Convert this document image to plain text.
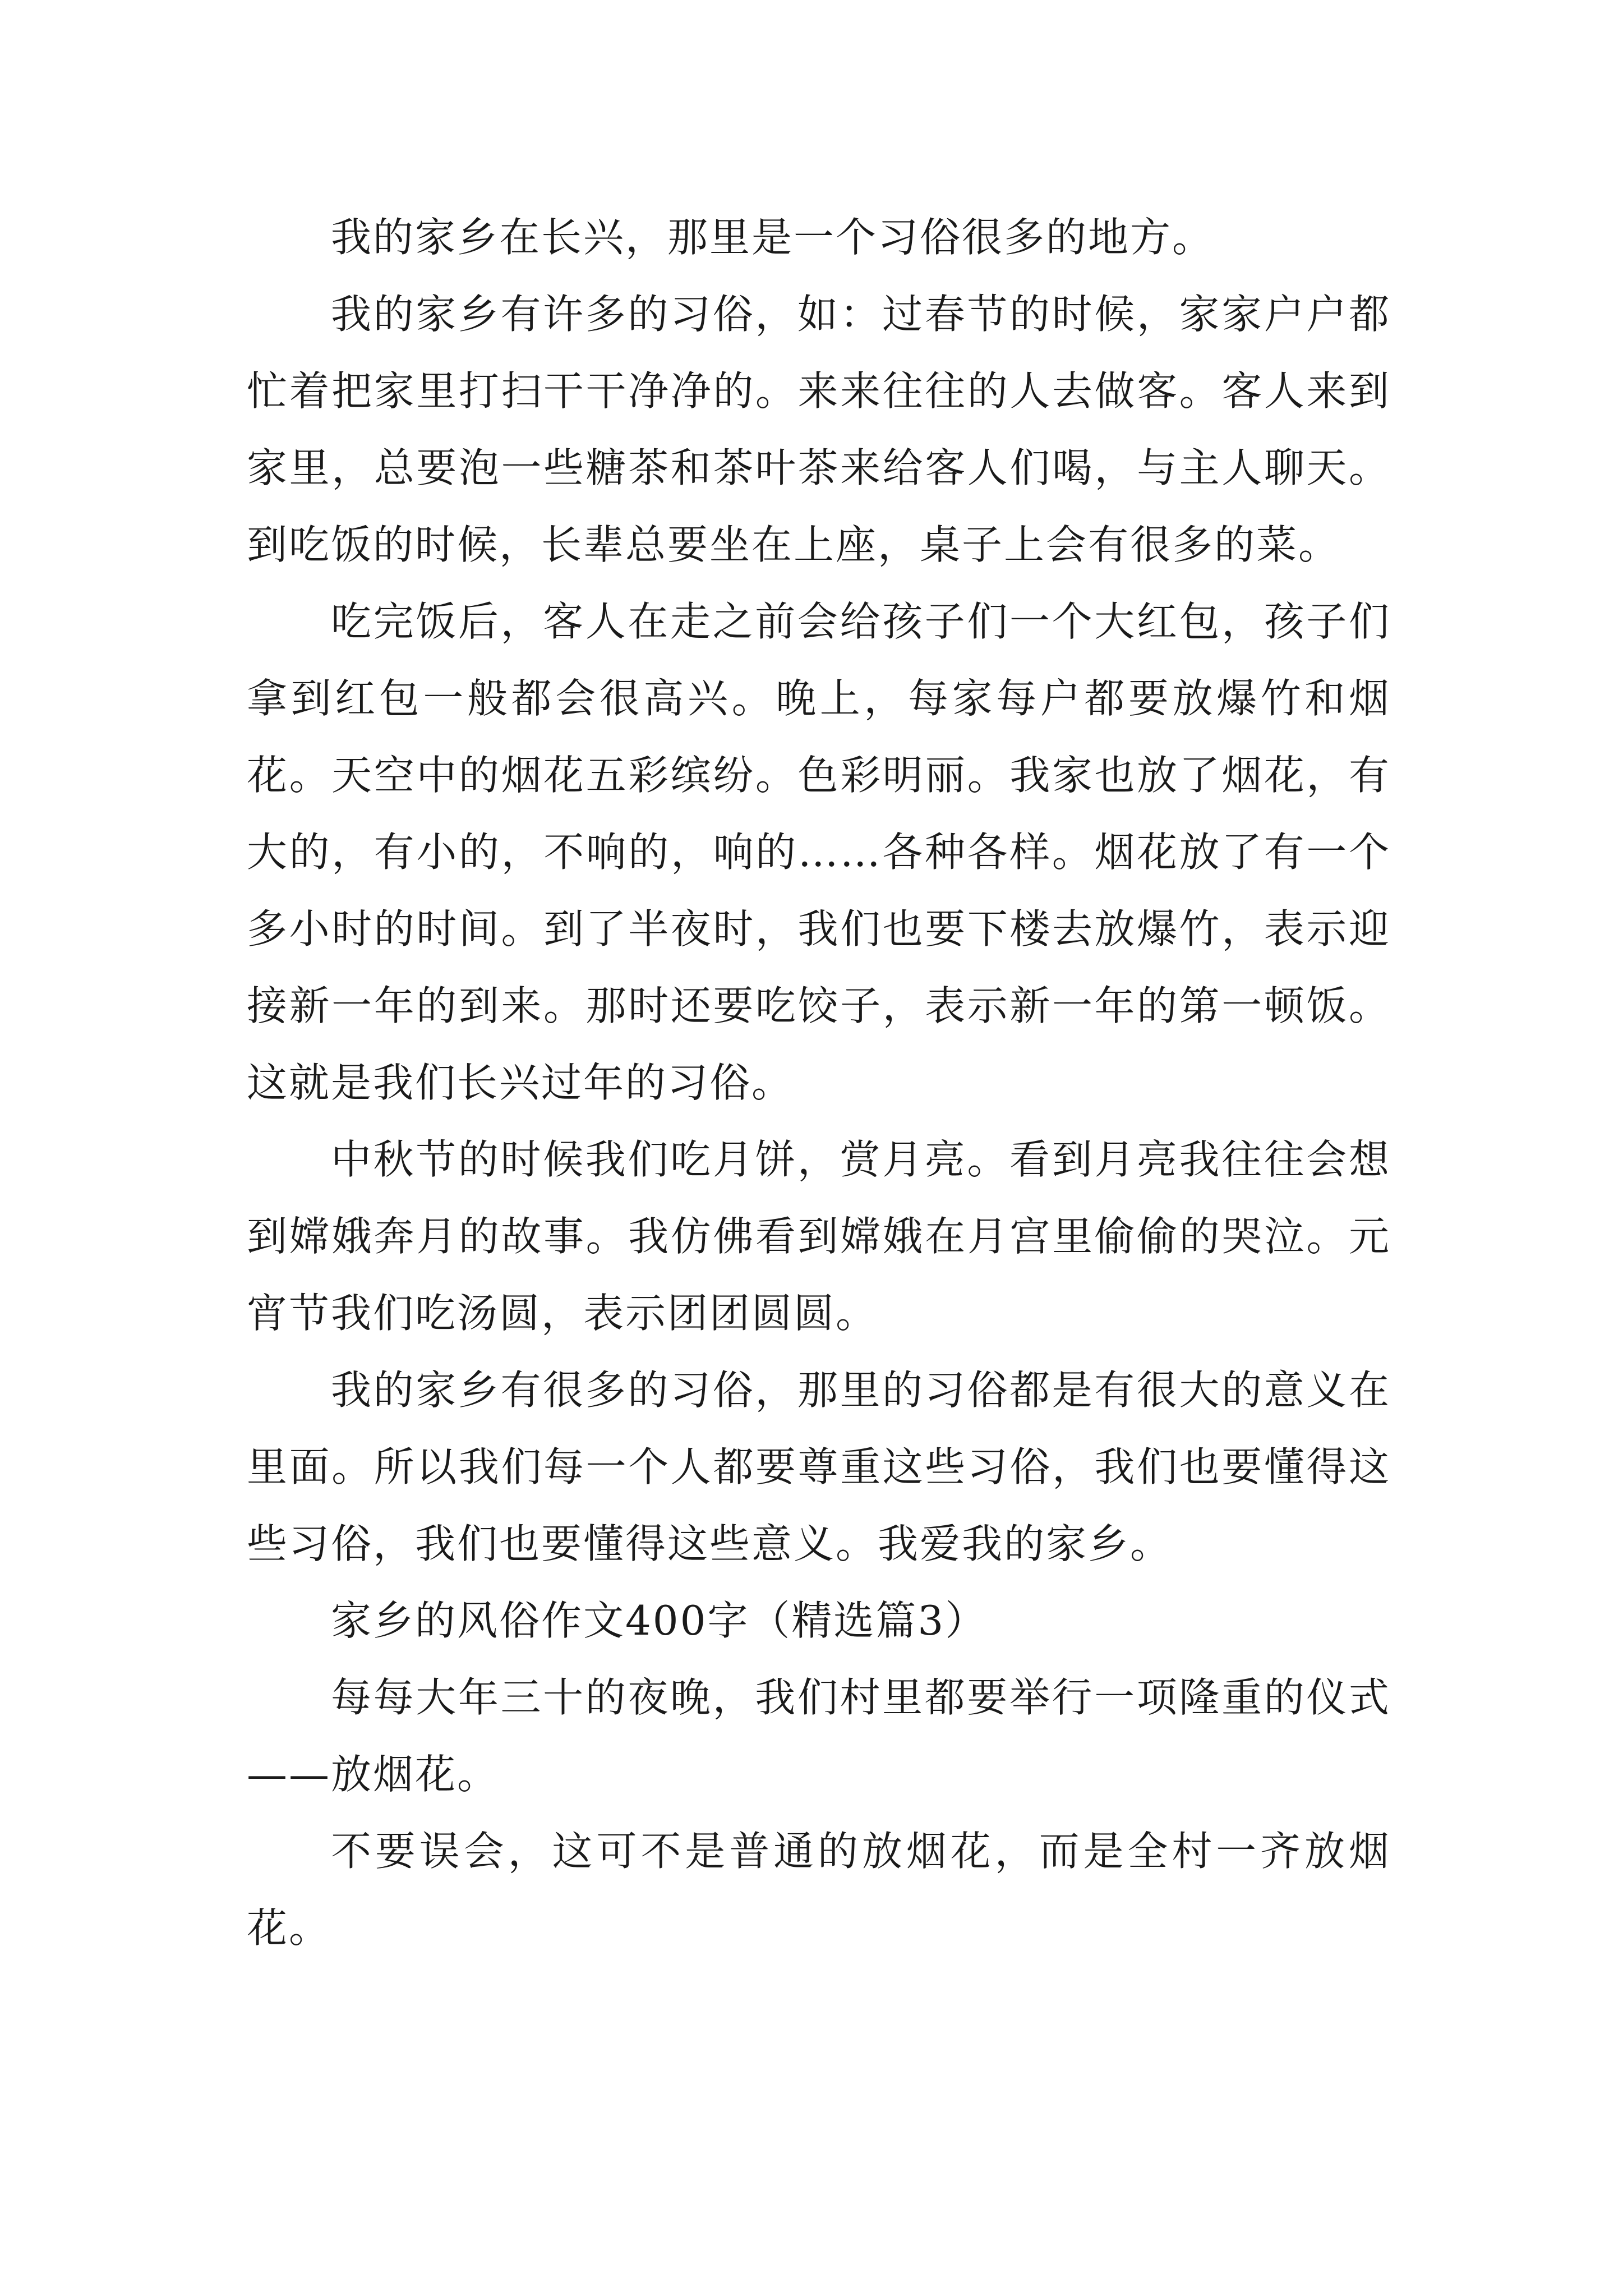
我的家乡在长兴，那里是一个习俗很多的地方。

我的家乡有许多的习俗，如：过春节的时候，家家户户都忙着把家里打扫干干净净的。来来往往的人去做客。客人来到家里，总要泡一些糖茶和茶叶茶来给客人们喝，与主人聊天。到吃饭的时候，长辈总要坐在上座，桌子上会有很多的菜。

吃完饭后，客人在走之前会给孩子们一个大红包，孩子们拿到红包一般都会很高兴。晚上，每家每户都要放爆竹和烟花。天空中的烟花五彩缤纷。色彩明丽。我家也放了烟花，有大的，有小的，不响的，响的……各种各样。烟花放了有一个多小时的时间。到了半夜时，我们也要下楼去放爆竹，表示迎接新一年的到来。那时还要吃饺子，表示新一年的第一顿饭。这就是我们长兴过年的习俗。

中秋节的时候我们吃月饼，赏月亮。看到月亮我往往会想到嫦娥奔月的故事。我仿佛看到嫦娥在月宫里偷偷的哭泣。元宵节我们吃汤圆，表示团团圆圆。

我的家乡有很多的习俗，那里的习俗都是有很大的意义在里面。所以我们每一个人都要尊重这些习俗，我们也要懂得这些习俗，我们也要懂得这些意义。我爱我的家乡。

家乡的风俗作文400字（精选篇3）

每每大年三十的夜晚，我们村里都要举行一项隆重的仪式——放烟花。

不要误会，这可不是普通的放烟花，而是全村一齐放烟花。
